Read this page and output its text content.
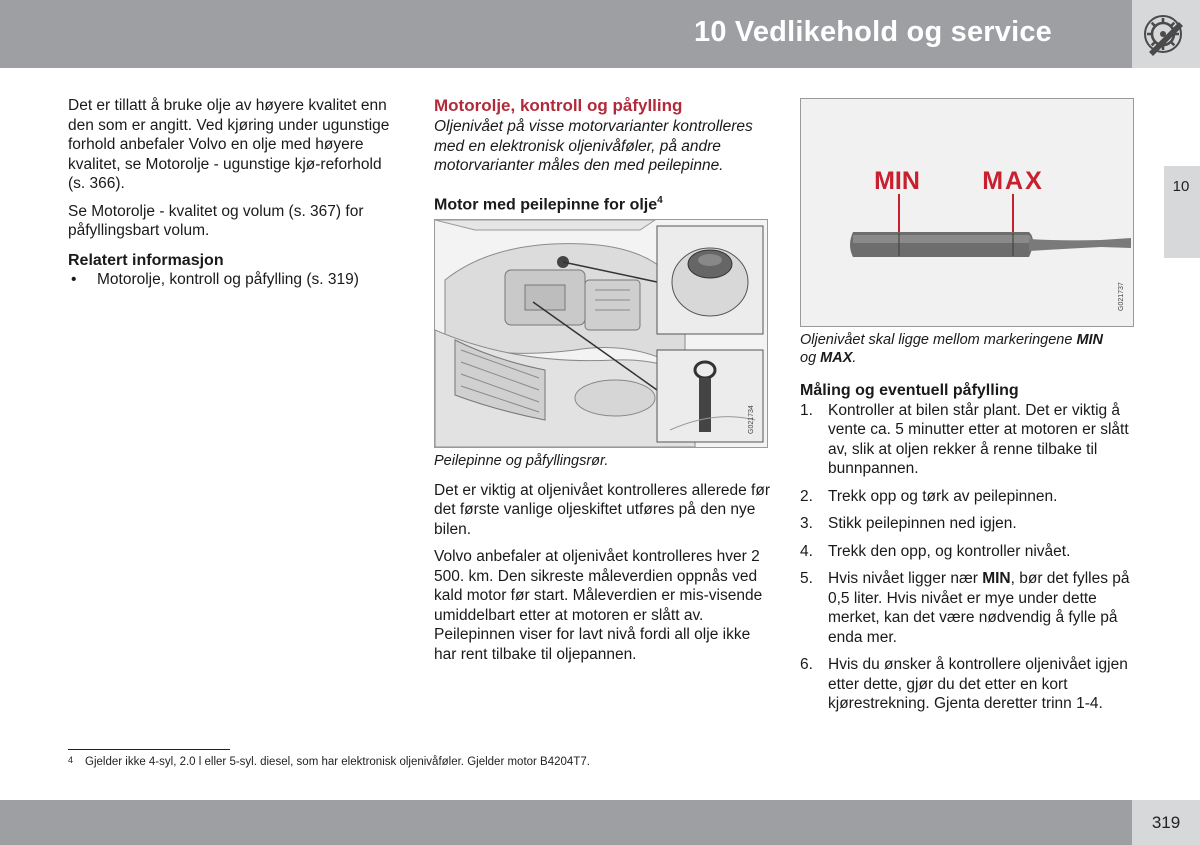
10 Vedlikehold og service
10

Det er tillatt å bruke olje av høyere kvalitet enn den som er angitt. Ved kjøring under ugunstige forhold anbefaler Volvo en olje med høyere kvalitet, se Motorolje - ugunstige kjø-reforhold (s. 366).

Se Motorolje - kvalitet og volum (s. 367) for påfyllingsbart volum.

Relatert informasjon
•	Motorolje, kontroll og påfylling (s. 319)
Motorolje, kontroll og påfylling
Oljenivået på visse motorvarianter kontrolleres med en elektronisk oljenivåføler, på andre motorvarianter måles den med peilepinne.
Motor med peilepinne for olje$^4$
G021734
Peilepinne og påfyllingsrør.

Det er viktig at oljenivået kontrolleres allerede før det første vanlige oljeskiftet utføres på den nye bilen.

Volvo anbefaler at oljenivået kontrolleres hver 2 500. km. Den sikreste måleverdien oppnås ved kald motor før start. Måleverdien er mis-visende umiddelbart etter at motoren er slått av. Peilepinnen viser for lavt nivå fordi all olje ikke har rent tilbake til oljepannen.

MIN MAX
G021737
Oljenivået skal ligge mellom markeringene MIN
og MAX.
Måling og eventuell påfylling
1. Kontroller at bilen står plant. Det er viktig å vente ca. 5 minutter etter at motoren er slått av, slik at oljen rekker å renne tilbake til bunnpannen.
2. Trekk opp og tørk av peilepinnen.
3. Stikk peilepinnen ned igjen.
4. Trekk den opp, og kontroller nivået.
5. Hvis nivået ligger nær MIN, bør det fylles på 0,5 liter. Hvis nivået er mye under dette merket, kan det være nødvendig å fylle på enda mer.
6. Hvis du ønsker å kontrollere oljenivået igjen etter dette, gjør du det etter en kort kjørestrekning. Gjenta deretter trinn 1-4.
4 Gjelder ikke 4-syl, 2.0 l eller 5-syl. diesel, som har elektronisk oljenivåføler. Gjelder motor B4204T7.
319
